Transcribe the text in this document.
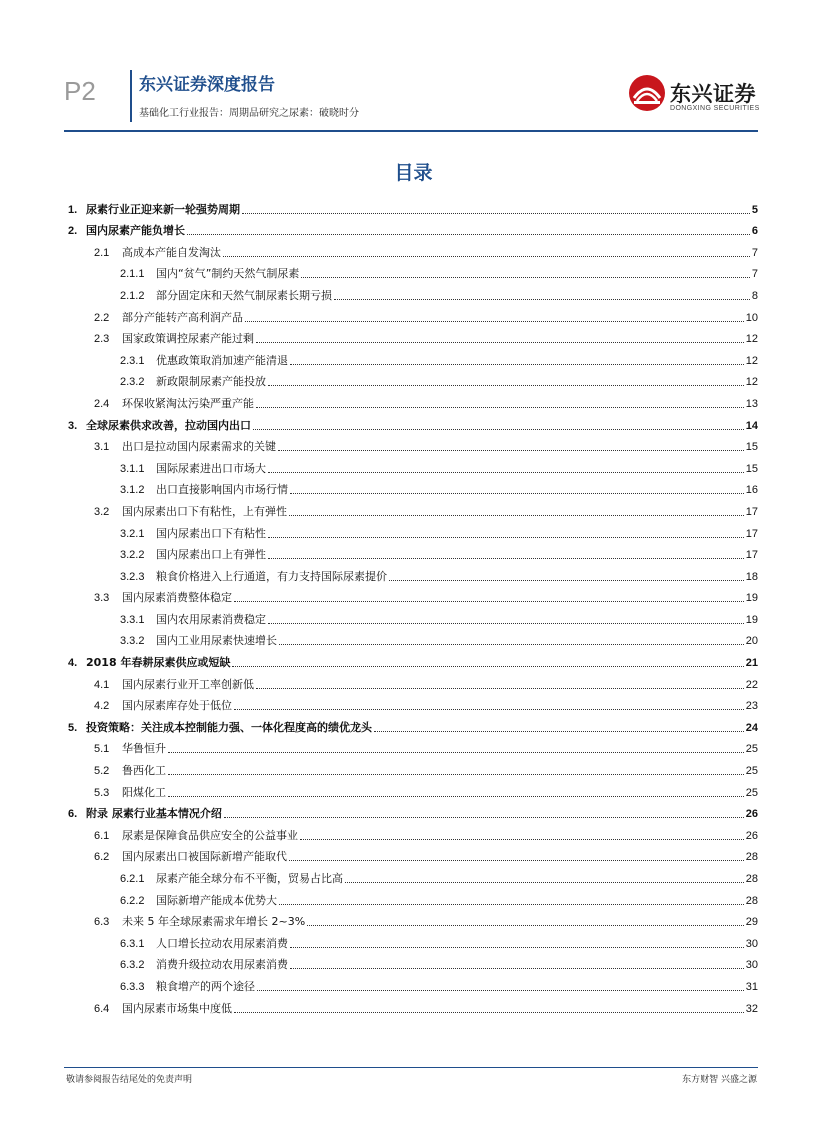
P2	东兴证券深度报告
基础化工行业报告：周期品研究之尿素：破晓时分
东兴证券
DONGXING SECURITIES
目录
1. 尿素行业正迎来新一轮强势周期	5
2. 国内尿素产能负增长	6
2.1	高成本产能自发淘汰	7
2.1.1	国内“贫气”制约天然气制尿素	7
2.1.2	部分固定床和天然气制尿素长期亏损	8
2.2	部分产能转产高利润产品	10
2.3	国家政策调控尿素产能过剩	12
2.3.1	优惠政策取消加速产能清退	12
2.3.2	新政限制尿素产能投放	12
2.4	环保收紧淘汰污染严重产能	13
3. 全球尿素供求改善，拉动国内出口	14
3.1	出口是拉动国内尿素需求的关键	15
3.1.1	国际尿素进出口市场大	15
3.1.2	出口直接影响国内市场行情	16
3.2	国内尿素出口下有粘性，上有弹性	17
3.2.1	国内尿素出口下有粘性	17
3.2.2	国内尿素出口上有弹性	17
3.2.3	粮食价格进入上行通道，有力支持国际尿素提价	18
3.3	国内尿素消费整体稳定	19
3.3.1	国内农用尿素消费稳定	19
3.3.2	国内工业用尿素快速增长	20
4. 2018 年春耕尿素供应或短缺	21
4.1	国内尿素行业开工率创新低	22
4.2	国内尿素库存处于低位	23
5. 投资策略：关注成本控制能力强、一体化程度高的绩优龙头	24
5.1	华鲁恒升	25
5.2	鲁西化工	25
5.3	阳煤化工	25
6. 附录 尿素行业基本情况介绍	26
6.1	尿素是保障食品供应安全的公益事业	26
6.2	国内尿素出口被国际新增产能取代	28
6.2.1	尿素产能全球分布不平衡，贸易占比高	28
6.2.2	国际新增产能成本优势大	28
6.3	未来 5 年全球尿素需求年增长 2~3%	29
6.3.1	人口增长拉动农用尿素消费	30
6.3.2	消费升级拉动农用尿素消费	30
6.3.3	粮食增产的两个途径	31
6.4	国内尿素市场集中度低	32
敬请参阅报告结尾处的免责声明	东方财智 兴盛之源
